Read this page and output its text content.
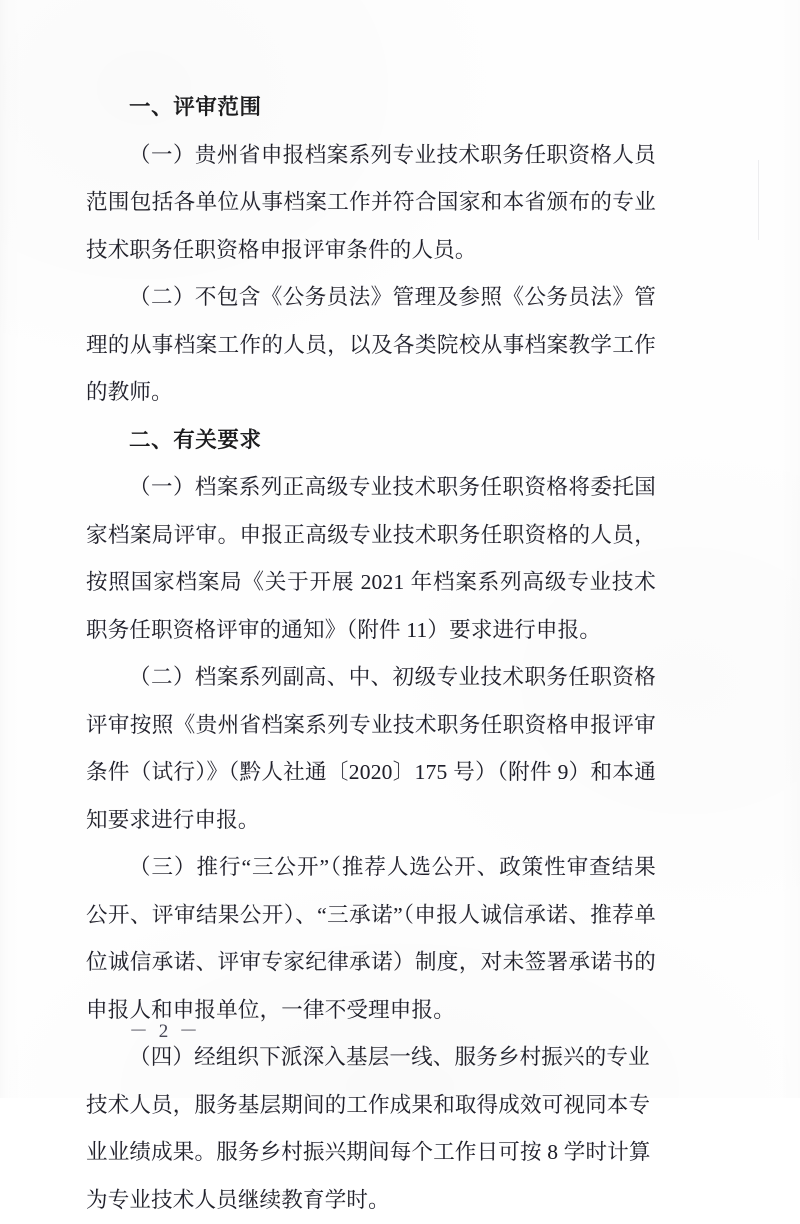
一、评审范围

（一）贵州省申报档案系列专业技术职务任职资格人员范围包括各单位从事档案工作并符合国家和本省颁布的专业技术职务任职资格申报评审条件的人员。

（二）不包含《公务员法》管理及参照《公务员法》管理的从事档案工作的人员，以及各类院校从事档案教学工作的教师。

二、有关要求

（一）档案系列正高级专业技术职务任职资格将委托国家档案局评审。申报正高级专业技术职务任职资格的人员，按照国家档案局《关于开展 2021 年档案系列高级专业技术职务任职资格评审的通知》（附件 11）要求进行申报。

（二）档案系列副高、中、初级专业技术职务任职资格评审按照《贵州省档案系列专业技术职务任职资格申报评审条件（试行）》（黔人社通〔2020〕175 号）（附件 9）和本通知要求进行申报。

（三）推行“三公开”（推荐人选公开、政策性审查结果公开、评审结果公开）、“三承诺”（申报人诚信承诺、推荐单位诚信承诺、评审专家纪律承诺）制度，对未签署承诺书的申报人和申报单位，一律不受理申报。

（四）经组织下派深入基层一线、服务乡村振兴的专业技术人员，服务基层期间的工作成果和取得成效可视同本专业业绩成果。服务乡村振兴期间每个工作日可按 8 学时计算为专业技术人员继续教育学时。

－ 2 －
